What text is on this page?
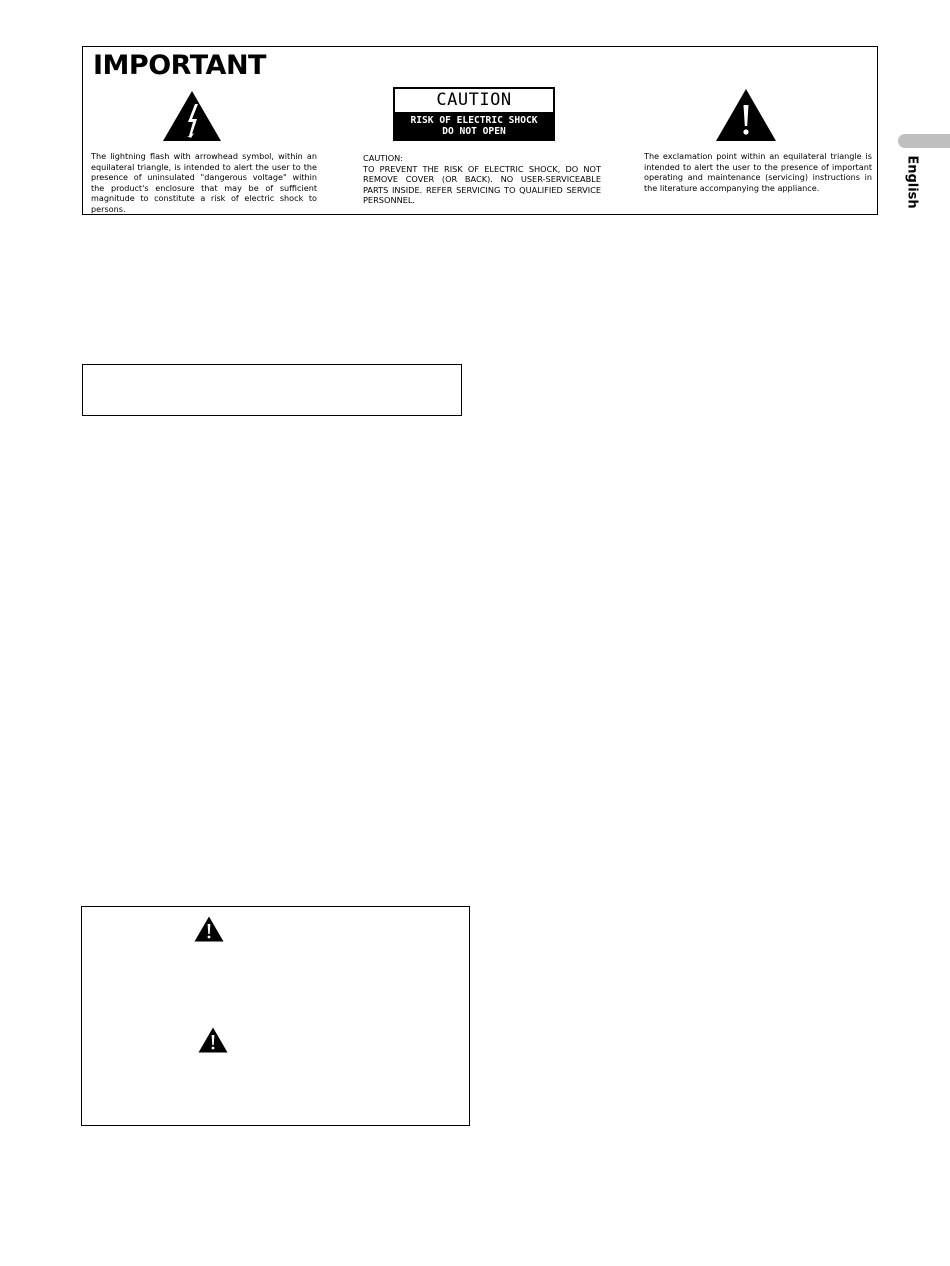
IMPORTANT
CAUTION
RISK OF ELECTRIC SHOCK
DO NOT OPEN

The lightning flash with arrowhead symbol, within an equilateral triangle, is intended to alert the user to the presence of uninsulated "dangerous voltage" within the product's enclosure that may be of sufficient magnitude to constitute a risk of electric shock to persons.

CAUTION:
TO PREVENT THE RISK OF ELECTRIC SHOCK, DO NOT REMOVE COVER (OR BACK). NO USER-SERVICEABLE PARTS INSIDE. REFER SERVICING TO QUALIFIED SERVICE PERSONNEL.

The exclamation point within an equilateral triangle is intended to alert the user to the presence of important operating and maintenance (servicing) instructions in the literature accompanying the appliance.	English
